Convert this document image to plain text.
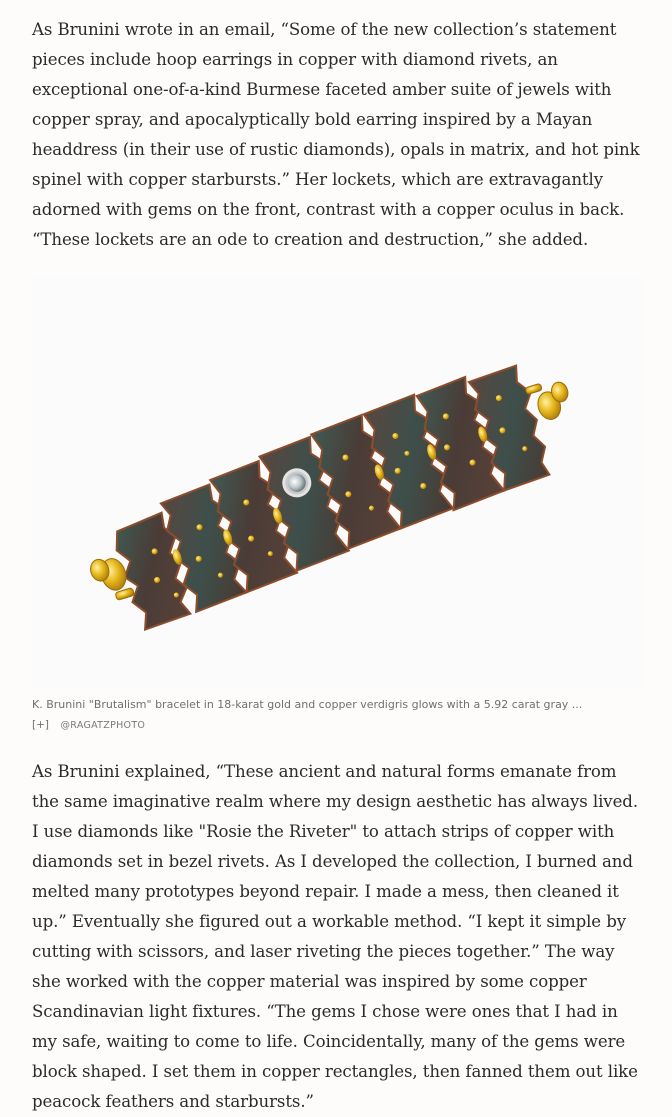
As Brunini wrote in an email, “Some of the new collection’s statement pieces include hoop earrings in copper with diamond rivets, an exceptional one-of-a-kind Burmese faceted amber suite of jewels with copper spray, and apocalyptically bold earring inspired by a Mayan headdress (in their use of rustic diamonds), opals in matrix, and hot pink spinel with copper starbursts.” Her lockets, which are extravagantly adorned with gems on the front, contrast with a copper oculus in back. “These lockets are an ode to creation and destruction,” she added.

K. Brunini "Brutalism" bracelet in 18-karat gold and copper verdigris glows with a 5.92 carat gray ...
[+] @RAGATZPHOTO

As Brunini explained, “These ancient and natural forms emanate from the same imaginative realm where my design aesthetic has always lived. I use diamonds like "Rosie the Riveter" to attach strips of copper with diamonds set in bezel rivets. As I developed the collection, I burned and melted many prototypes beyond repair. I made a mess, then cleaned it up.” Eventually she figured out a workable method. “I kept it simple by cutting with scissors, and laser riveting the pieces together.” The way she worked with the copper material was inspired by some copper Scandinavian light fixtures. “The gems I chose were ones that I had in my safe, waiting to come to life. Coincidentally, many of the gems were block shaped. I set them in copper rectangles, then fanned them out like peacock feathers and starbursts.”
